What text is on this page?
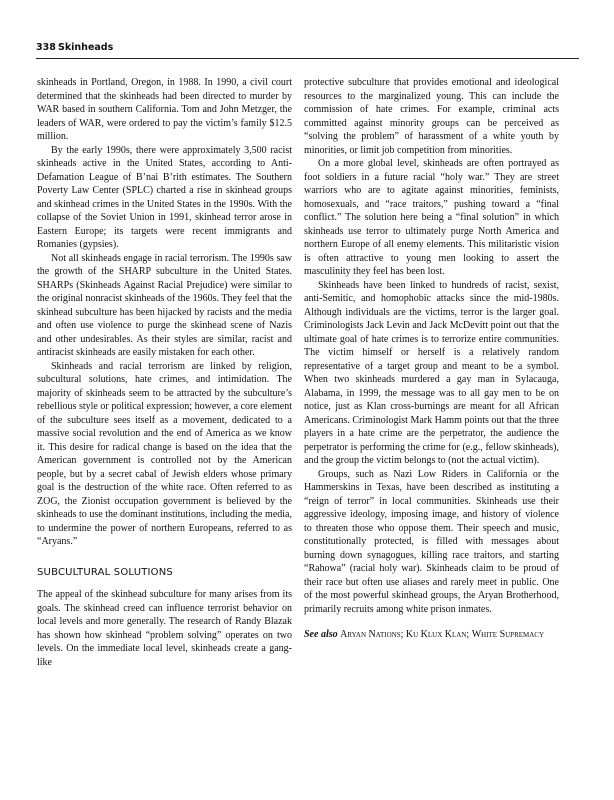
338 Skinheads

skinheads in Portland, Oregon, in 1988. In 1990, a civil court determined that the skinheads had been directed to murder by WAR based in southern California. Tom and John Metzger, the leaders of WAR, were ordered to pay the victim’s family $12.5 million.

By the early 1990s, there were approximately 3,500 racist skinheads active in the United States, according to Anti-Defamation League of B’nai B’rith estimates. The Southern Poverty Law Center (SPLC) charted a rise in skinhead groups and skinhead crimes in the United States in the 1990s. With the collapse of the Soviet Union in 1991, skinhead terror arose in Eastern Europe; its targets were recent immigrants and Romanies (gypsies).

Not all skinheads engage in racial terrorism. The 1990s saw the growth of the SHARP subculture in the United States. SHARPs (Skinheads Against Racial Prejudice) were similar to the original nonracist skinheads of the 1960s. They feel that the skinhead subculture has been hijacked by racists and the media and often use violence to purge the skinhead scene of Nazis and other undesirables. As their styles are similar, racist and antiracist skinheads are easily mistaken for each other.

Skinheads and racial terrorism are linked by religion, subcultural solutions, hate crimes, and intimidation. The majority of skinheads seem to be attracted by the subculture’s rebellious style or political expression; however, a core element of the subculture sees itself as a movement, dedicated to a massive social revolution and the end of America as we know it. This desire for radical change is based on the idea that the American government is controlled not by the American people, but by a secret cabal of Jewish elders whose primary goal is the destruction of the white race. Often referred to as ZOG, the Zionist occupation government is believed by the skinheads to use the dominant institutions, including the media, to undermine the power of northern Europeans, referred to as “Aryans.”

SUBCULTURAL SOLUTIONS

The appeal of the skinhead subculture for many arises from its goals. The skinhead creed can influence terrorist behavior on local levels and more generally. The research of Randy Blazak has shown how skinhead “problem solving” operates on two levels. On the immediate local level, skinheads create a gang-like

protective subculture that provides emotional and ideological resources to the marginalized young. This can include the commission of hate crimes. For example, criminal acts committed against minority groups can be perceived as “solving the problem” of harassment of a white youth by minorities, or limit job competition from minorities.

On a more global level, skinheads are often portrayed as foot soldiers in a future racial “holy war.” They are street warriors who are to agitate against minorities, feminists, homosexuals, and “race traitors,” pushing toward a “final conflict.” The solution here being a “final solution” in which skinheads use terror to ultimately purge North America and northern Europe of all enemy elements. This militaristic vision is often attractive to young men looking to assert the masculinity they feel has been lost.

Skinheads have been linked to hundreds of racist, sexist, anti-Semitic, and homophobic attacks since the mid-1980s. Although individuals are the victims, terror is the larger goal. Criminologists Jack Levin and Jack McDevitt point out that the ultimate goal of hate crimes is to terrorize entire communities. The victim himself or herself is a relatively random representative of a target group and meant to be a symbol. When two skinheads murdered a gay man in Sylacauga, Alabama, in 1999, the message was to all gay men to be on notice, just as Klan cross-burnings are meant for all African Americans. Criminologist Mark Hamm points out that the three players in a hate crime are the perpetrator, the audience the perpetrator is performing the crime for (e.g., fellow skinheads), and the group the victim belongs to (not the actual victim).

Groups, such as Nazi Low Riders in California or the Hammerskins in Texas, have been described as instituting a “reign of terror” in local communities. Skinheads use their aggressive ideology, imposing image, and history of violence to threaten those who oppose them. Their speech and music, constitutionally protected, is filled with messages about burning down synagogues, killing race traitors, and starting “Rahowa” (racial holy war). Skinheads claim to be proud of their race but often use aliases and rarely meet in public. One of the most powerful skinhead groups, the Aryan Brotherhood, primarily recruits among white prison inmates.

See also Aryan Nations; Ku Klux Klan; White Supremacy
